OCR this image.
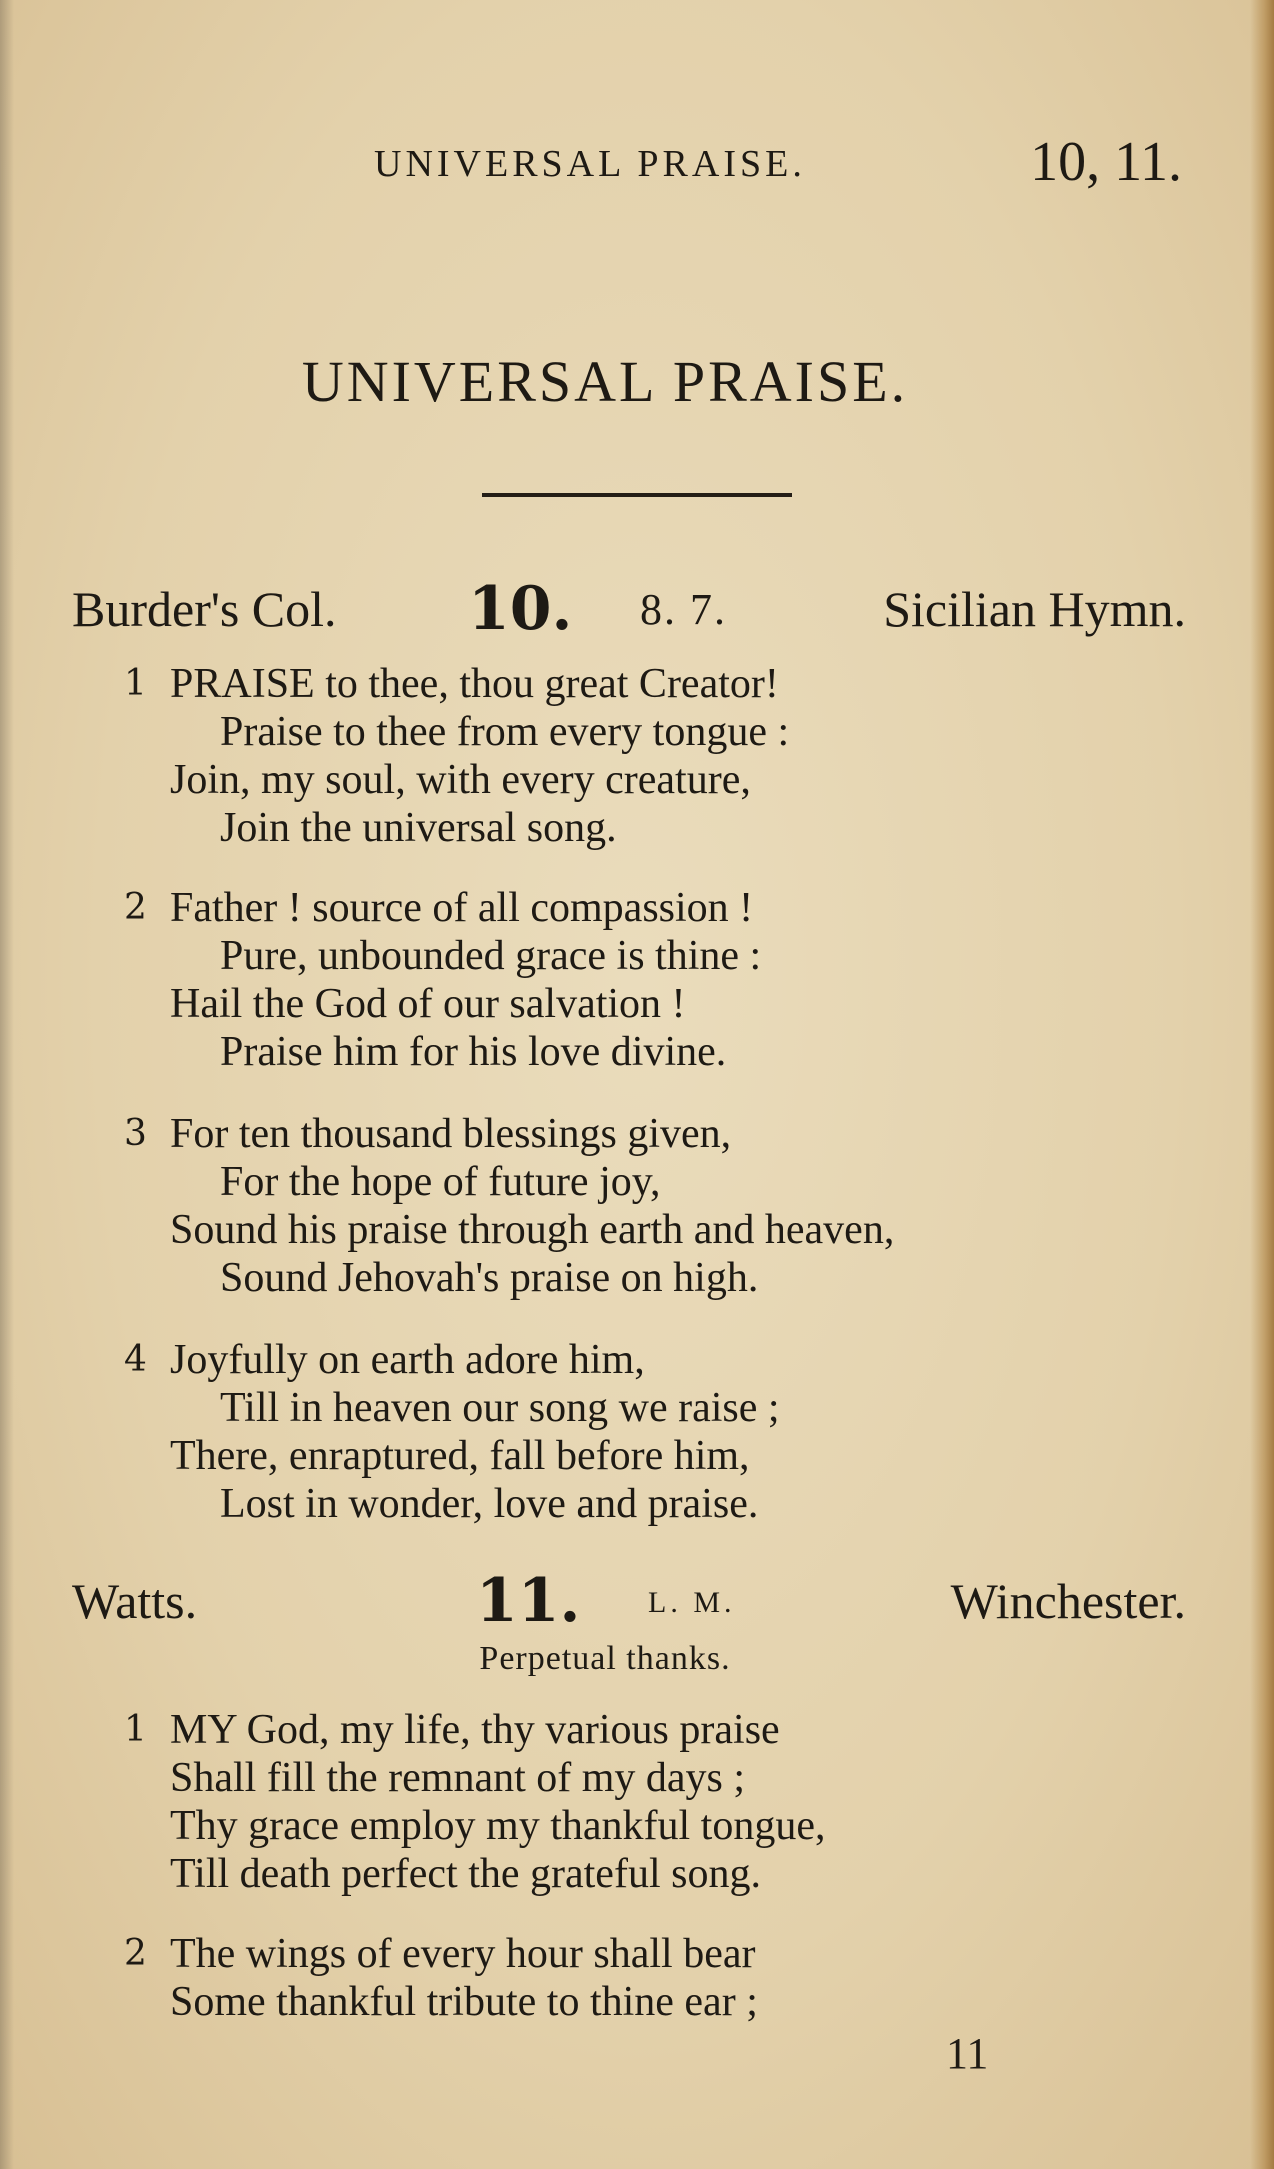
UNIVERSAL PRAISE.	10, 11.
UNIVERSAL PRAISE.
Burder's Col. 10. 8. 7.	Sicilian Hymn.
1 PRAISE to thee, thou great Creator!
Praise to thee from every tongue :
Join, my soul, with every creature,
Join the universal song.
2 Father ! source of all compassion !
Pure, unbounded grace is thine :
Hail the God of our salvation !
Praise him for his love divine.
3 For ten thousand blessings given,
For the hope of future joy,
Sound his praise through earth and heaven,
Sound Jehovah's praise on high.
4 Joyfully on earth adore him,
Till in heaven our song we raise ;
There, enraptured, fall before him,
Lost in wonder, love and praise.
Watts.	11. L. M.	Winchester.
Perpetual thanks.
1 MY God, my life, thy various praise
Shall fill the remnant of my days ;
Thy grace employ my thankful tongue,
Till death perfect the grateful song.
2 The wings of every hour shall bear
Some thankful tribute to thine ear ;
11
